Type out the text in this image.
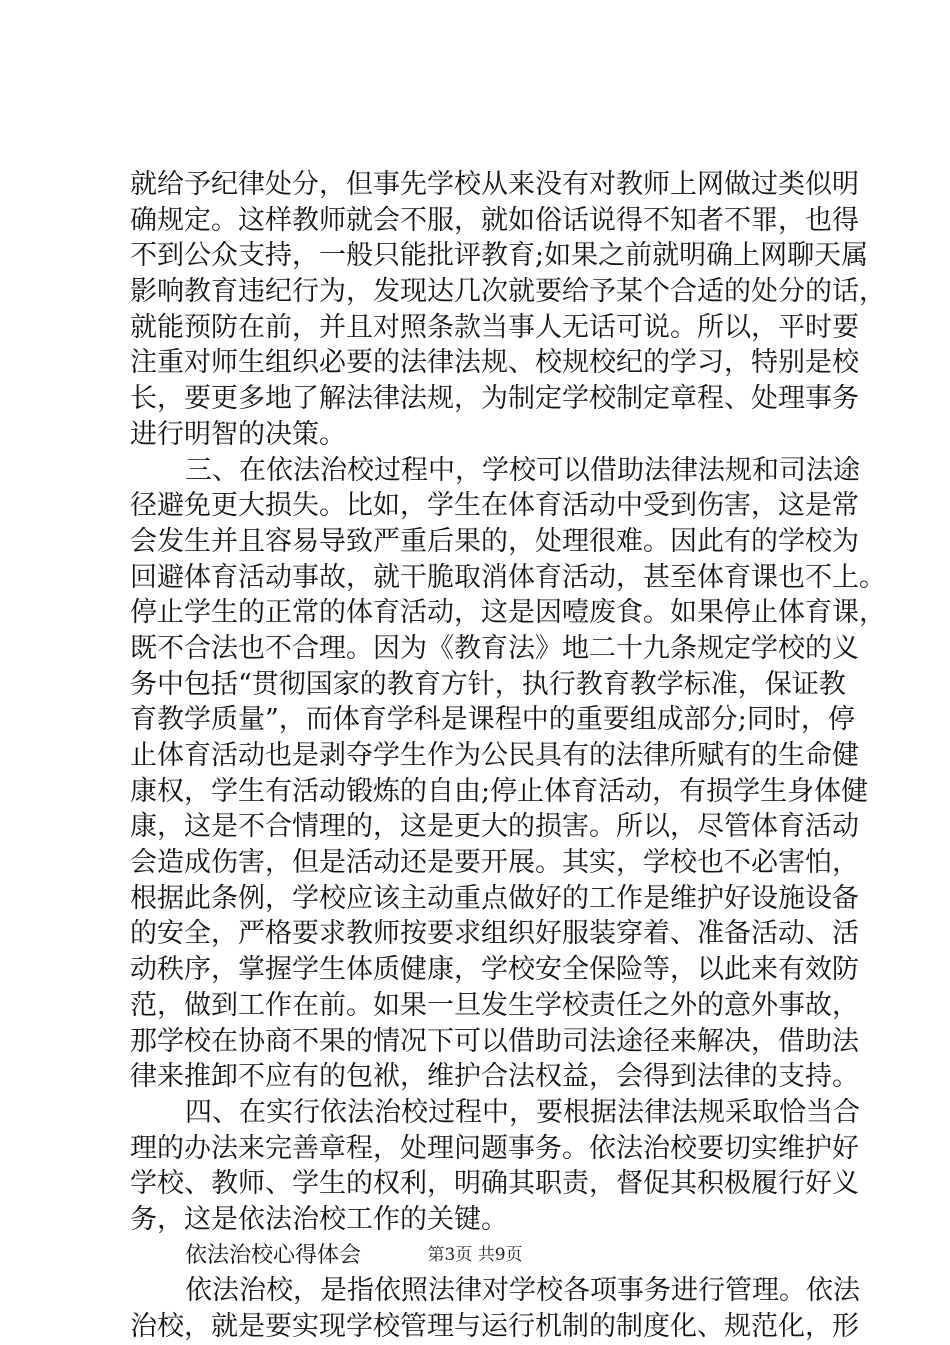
就给予纪律处分，但事先学校从来没有对教师上网做过类似明
确规定。这样教师就会不服，就如俗话说得不知者不罪，也得
不到公众支持，一般只能批评教育;如果之前就明确上网聊天属
影响教育违纪行为，发现达几次就要给予某个合适的处分的话，
就能预防在前，并且对照条款当事人无话可说。所以，平时要
注重对师生组织必要的法律法规、校规校纪的学习，特别是校
长，要更多地了解法律法规，为制定学校制定章程、处理事务
进行明智的决策。
三、在依法治校过程中，学校可以借助法律法规和司法途
径避免更大损失。比如，学生在体育活动中受到伤害，这是常
会发生并且容易导致严重后果的，处理很难。因此有的学校为
回避体育活动事故，就干脆取消体育活动，甚至体育课也不上。
停止学生的正常的体育活动，这是因噎废食。如果停止体育课，
既不合法也不合理。因为《教育法》地二十九条规定学校的义
务中包括“贯彻国家的教育方针，执行教育教学标准，保证教
育教学质量”，而体育学科是课程中的重要组成部分;同时，停
止体育活动也是剥夺学生作为公民具有的法律所赋有的生命健
康权，学生有活动锻炼的自由;停止体育活动，有损学生身体健
康，这是不合情理的，这是更大的损害。所以，尽管体育活动
会造成伤害，但是活动还是要开展。其实，学校也不必害怕，
根据此条例，学校应该主动重点做好的工作是维护好设施设备
的安全，严格要求教师按要求组织好服装穿着、准备活动、活
动秩序，掌握学生体质健康，学校安全保险等，以此来有效防
范，做到工作在前。如果一旦发生学校责任之外的意外事故，
那学校在协商不果的情况下可以借助司法途径来解决，借助法
律来推卸不应有的包袱，维护合法权益，会得到法律的支持。
四、在实行依法治校过程中，要根据法律法规采取恰当合
理的办法来完善章程，处理问题事务。依法治校要切实维护好
学校、教师、学生的权利，明确其职责，督促其积极履行好义
务，这是依法治校工作的关键。
依法治校心得体会
依法治校，是指依照法律对学校各项事务进行管理。依法
治校，就是要实现学校管理与运行机制的制度化、规范化，形
第3页 共9页
